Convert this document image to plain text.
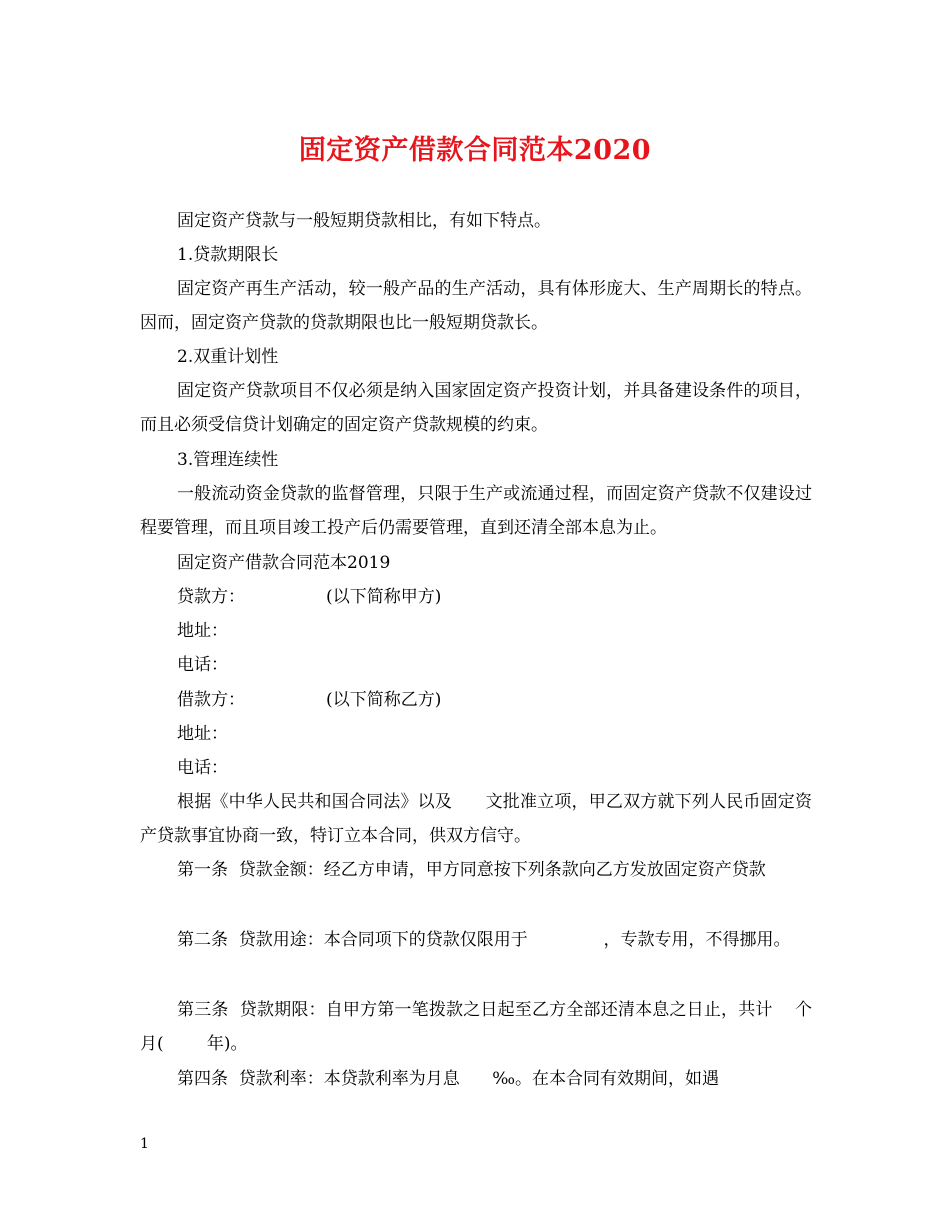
固定资产借款合同范本2020

固定资产贷款与一般短期贷款相比，有如下特点。

1.贷款期限长

固定资产再生产活动，较一般产品的生产活动，具有体形庞大、生产周期长的特点。因而，固定资产贷款的贷款期限也比一般短期贷款长。

2.双重计划性

固定资产贷款项目不仅必须是纳入国家固定资产投资计划，并具备建设条件的项目，而且必须受信贷计划确定的固定资产贷款规模的约束。

3.管理连续性

一般流动资金贷款的监督管理，只限于生产或流通过程，而固定资产贷款不仅建设过程要管理，而且项目竣工投产后仍需要管理，直到还清全部本息为止。

固定资产借款合同范本2019

贷款方：               (以下简称甲方)

地址：

电话：

借款方：               (以下简称乙方)

地址：

电话：

根据《中华人民共和国合同法》以及      文批准立项，甲乙双方就下列人民币固定资产贷款事宜协商一致，特订立本合同，供双方信守。

第一条  贷款金额：经乙方申请，甲方同意按下列条款向乙方发放固定资产贷款

第二条  贷款用途：本合同项下的贷款仅限用于              ，专款专用，不得挪用。

第三条  贷款期限：自甲方第一笔拨款之日起至乙方全部还清本息之日止，共计    个月(        年)。

第四条  贷款利率：本贷款利率为月息      ‰。在本合同有效期间，如遇

1
